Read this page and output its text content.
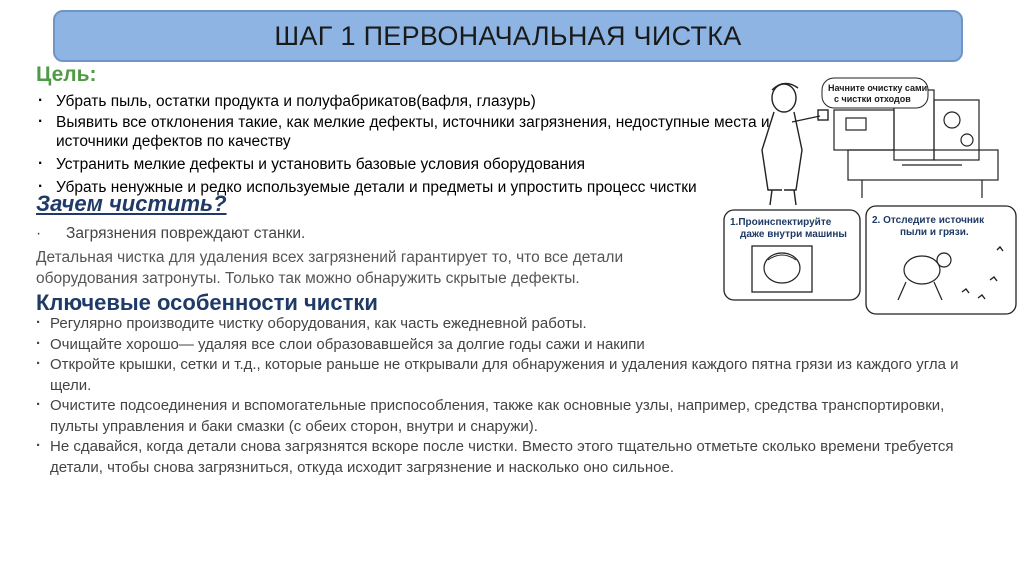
ШАГ 1 ПЕРВОНАЧАЛЬНАЯ ЧИСТКА
Цель:
· Убрать пыль, остатки продукта и полуфабрикатов(вафля, глазурь)
· Выявить все отклонения такие, как мелкие дефекты, источники загрязнения, недоступные места и источники дефектов по качеству
· Устранить мелкие дефекты и установить базовые условия оборудования
· Убрать ненужные и редко используемые детали и предметы и упростить процесс чистки
Зачем чистить?
· Загрязнения повреждают станки.
Детальная чистка для удаления всех загрязнений гарантирует то, что все детали оборудования затронуты. Только так можно обнаружить скрытые дефекты.
Ключевые особенности чистки
· Регулярно производите чистку оборудования, как часть ежедневной работы.
· Очищайте хорошо— удаляя все слои образовавшейся за долгие годы сажи и накипи
· Откройте крышки, сетки и т.д., которые раньше не открывали для обнаружения и удаления каждого пятна грязи из каждого угла и щели.
· Очистите подсоединения и вспомогательные приспособления, также как основные узлы, например, средства транспортировки, пульты управления и баки смазки (с обеих сторон, внутри и снаружи).
· Не сдавайся, когда детали снова загрязнятся вскоре после чистки. Вместо этого тщательно отметьте сколько времени требуется детали, чтобы снова загрязниться, откуда исходит загрязнение и насколько оно сильное.
Начните очистку сами
с чистки отходов
1.Проинспектируйте
даже внутри машины
2. Отследите источник
пыли и грязи.
